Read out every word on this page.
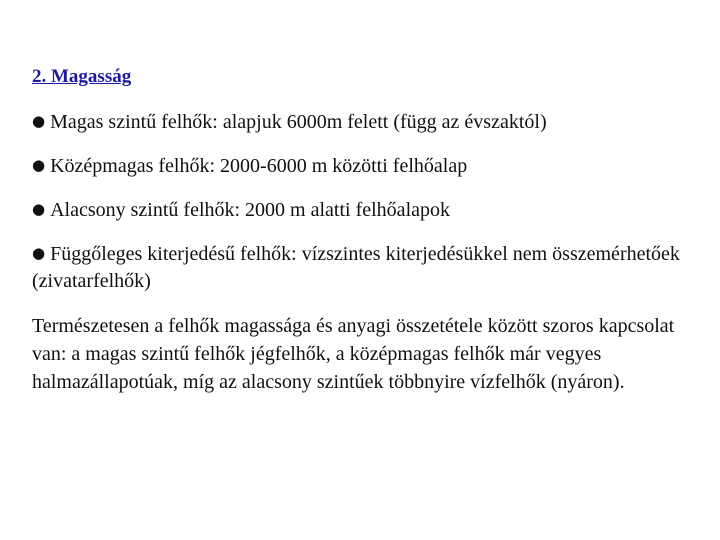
2. Magasság
● Magas szintű felhők: alapjuk 6000m felett (függ az évszaktól)
● Középmagas felhők: 2000-6000 m közötti felhőalap
● Alacsony szintű felhők: 2000 m alatti felhőalapok
● Függőleges kiterjedésű felhők: vízszintes kiterjedésükkel nem összemérhetőek (zivatarfelhők)

Természetesen a felhők magassága és anyagi összetétele között szoros kapcsolat van: a magas szintű felhők jégfelhők, a középmagas felhők már vegyes halmazállapotúak, míg az alacsony szintűek többnyire vízfelhők (nyáron).
